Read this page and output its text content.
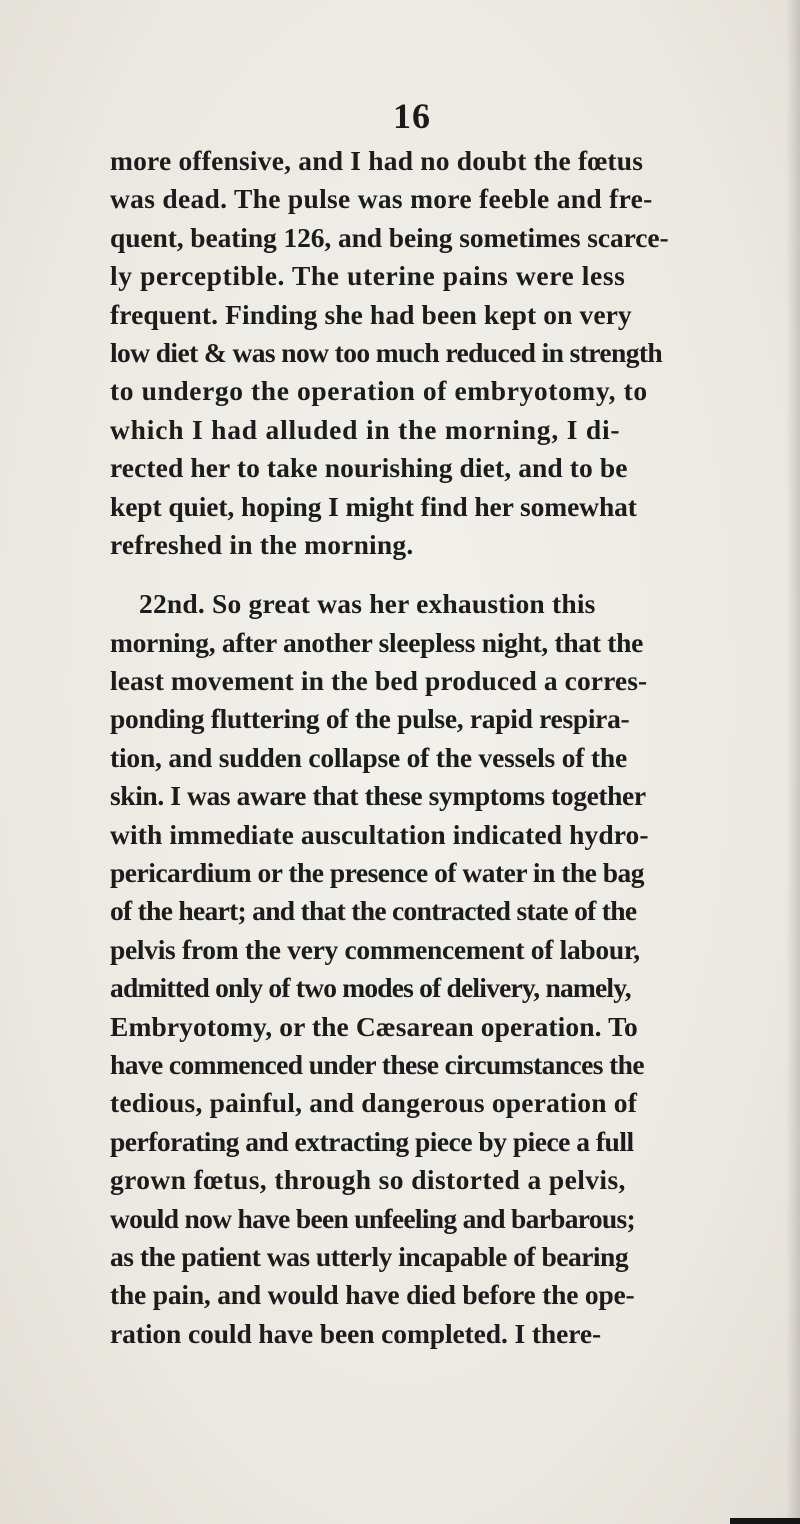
16
more offensive, and I had no doubt the fœtus
was dead. The pulse was more feeble and fre-
quent, beating 126, and being sometimes scarce-
ly perceptible. The uterine pains were less
frequent. Finding she had been kept on very
low diet & was now too much reduced in strength
to undergo the operation of embryotomy, to
which I had alluded in the morning, I di-
rected her to take nourishing diet, and to be
kept quiet, hoping I might find her somewhat
refreshed in the morning.
22nd. So great was her exhaustion this
morning, after another sleepless night, that the
least movement in the bed produced a corres-
ponding fluttering of the pulse, rapid respira-
tion, and sudden collapse of the vessels of the
skin. I was aware that these symptoms together
with immediate auscultation indicated hydro-
pericardium or the presence of water in the bag
of the heart; and that the contracted state of the
pelvis from the very commencement of labour,
admitted only of two modes of delivery, namely,
Embryotomy, or the Cæsarean operation. To
have commenced under these circumstances the
tedious, painful, and dangerous operation of
perforating and extracting piece by piece a full
grown fœtus, through so distorted a pelvis,
would now have been unfeeling and barbarous;
as the patient was utterly incapable of bearing
the pain, and would have died before the ope-
ration could have been completed. I there-
